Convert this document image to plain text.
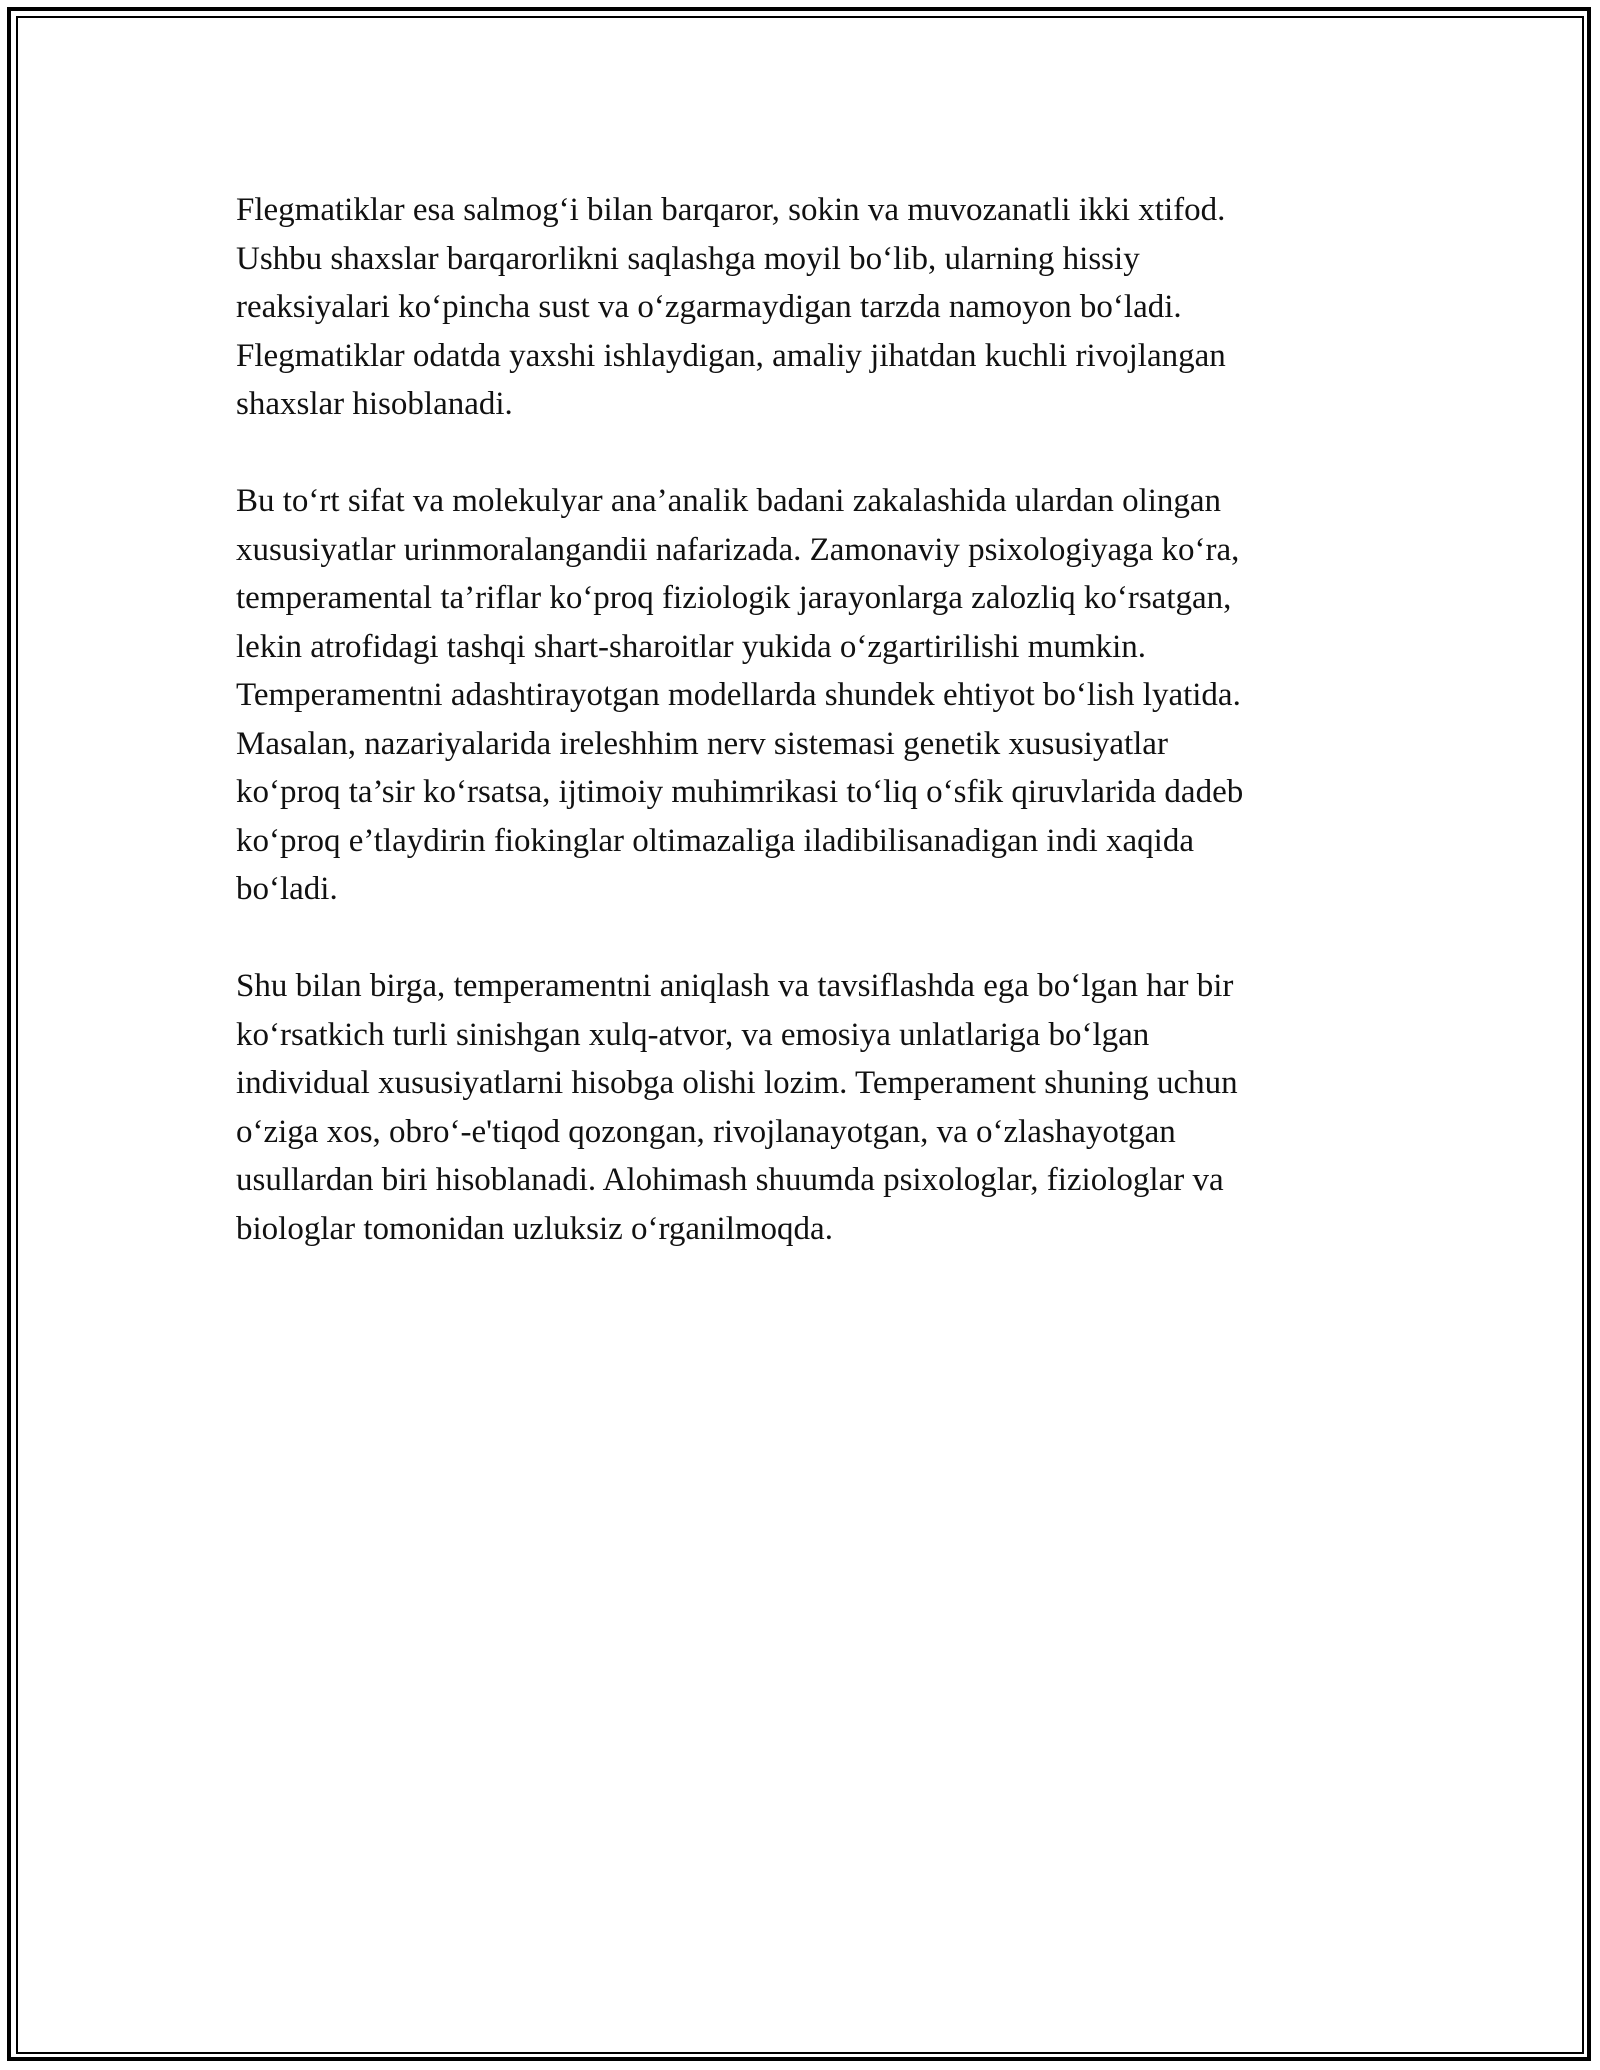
Flegmatiklar esa salmog‘i bilan barqaror, sokin va muvozanatli ikki xtifod.
Ushbu shaxslar barqarorlikni saqlashga moyil bo‘lib, ularning hissiy
reaksiyalari ko‘pincha sust va o‘zgarmaydigan tarzda namoyon bo‘ladi.
Flegmatiklar odatda yaxshi ishlaydigan, amaliy jihatdan kuchli rivojlangan
shaxslar hisoblanadi.

Bu to‘rt sifat va molekulyar ana’analik badani zakalashida ulardan olingan
xususiyatlar urinmoralangandii nafarizada. Zamonaviy psixologiyaga ko‘ra,
temperamental ta’riflar ko‘proq fiziologik jarayonlarga zalozliq ko‘rsatgan,
lekin atrofidagi tashqi shart-sharoitlar yukida o‘zgartirilishi mumkin.
Temperamentni adashtirayotgan modellarda shundek ehtiyot bo‘lish lyatida.
Masalan, nazariyalarida ireleshhim nerv sistemasi genetik xususiyatlar
ko‘proq ta’sir ko‘rsatsa, ijtimoiy muhimrikasi to‘liq o‘sfik qiruvlarida dadeb
ko‘proq e’tlaydirin fiokinglar oltimazaliga iladibilisanadigan indi xaqida
bo‘ladi.

Shu bilan birga, temperamentni aniqlash va tavsiflashda ega bo‘lgan har bir
ko‘rsatkich turli sinishgan xulq-atvor, va emosiya unlatlariga bo‘lgan
individual xususiyatlarni hisobga olishi lozim. Temperament shuning uchun
o‘ziga xos, obro‘-e'tiqod qozongan, rivojlanayotgan, va o‘zlashayotgan
usullardan biri hisoblanadi. Alohimash shuumda psixologlar, fiziologlar va
biologlar tomonidan uzluksiz o‘rganilmoqda.
